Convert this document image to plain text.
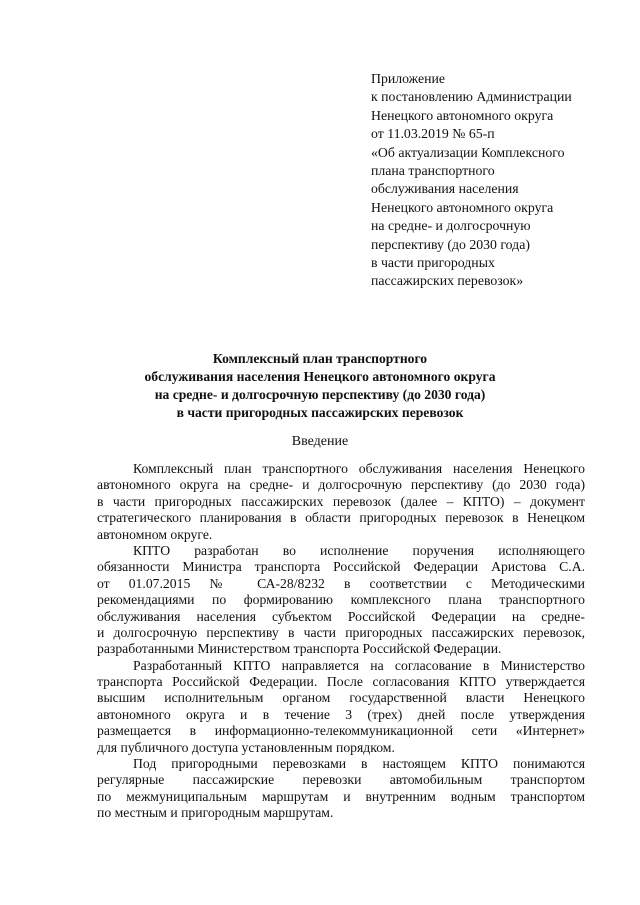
Приложение
к постановлению Администрации
Ненецкого автономного округа
от 11.03.2019 № 65-п
«Об актуализации Комплексного
плана транспортного
обслуживания населения
Ненецкого автономного округа
на средне- и долгосрочную
перспективу (до 2030 года)
в части пригородных
пассажирских перевозок»
Комплексный план транспортного
обслуживания населения Ненецкого автономного округа
на средне- и долгосрочную перспективу (до 2030 года)
в части пригородных пассажирских перевозок
Введение
Комплексный план транспортного обслуживания населения Ненецкого
автономного округа на средне- и долгосрочную перспективу (до 2030 года)
в части пригородных пассажирских перевозок (далее – КПТО) – документ
стратегического планирования в области пригородных перевозок в Ненецком
автономном округе.
КПТО разработан во исполнение поручения исполняющего
обязанности Министра транспорта Российской Федерации Аристова С.А.
от 01.07.2015 № СА-28/8232 в соответствии с Методическими
рекомендациями по формированию комплексного плана транспортного
обслуживания населения субъектом Российской Федерации на средне-
и долгосрочную перспективу в части пригородных пассажирских перевозок,
разработанными Министерством транспорта Российской Федерации.
Разработанный КПТО направляется на согласование в Министерство
транспорта Российской Федерации. После согласования КПТО утверждается
высшим исполнительным органом государственной власти Ненецкого
автономного округа и в течение 3 (трех) дней после утверждения
размещается в информационно-телекоммуникационной сети «Интернет»
для публичного доступа установленным порядком.
Под пригородными перевозками в настоящем КПТО понимаются
регулярные пассажирские перевозки автомобильным транспортом
по межмуниципальным маршрутам и внутренним водным транспортом
по местным и пригородным маршрутам.
